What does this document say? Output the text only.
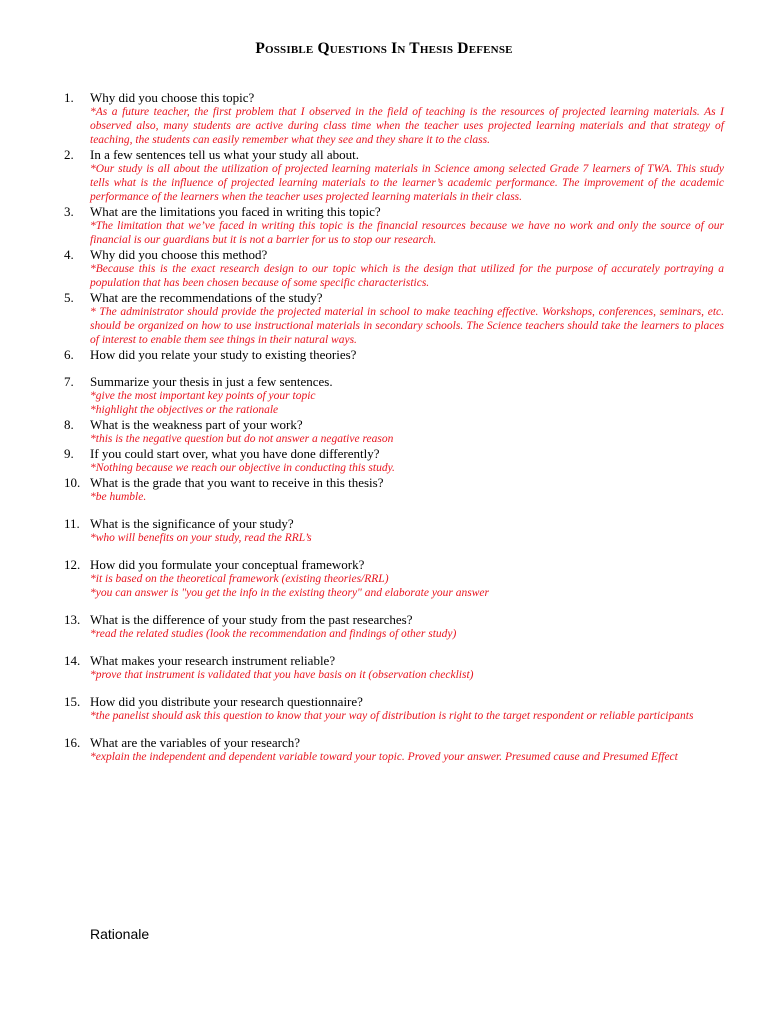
Possible Questions In Thesis Defense
1.	Why did you choose this topic?

*As a future teacher, the first problem that I observed in the field of teaching is the resources of projected learning materials. As I observed also, many students are active during class time when the teacher uses projected learning materials and that strategy of teaching, the students can easily remember what they see and they share it to the class.

2.	In a few sentences tell us what your study all about.

*Our study is all about the utilization of projected learning materials in Science among selected Grade 7 learners of TWA. This study tells what is the influence of projected learning materials to the learner’s academic performance. The improvement of the academic performance of the learners when the teacher uses projected learning materials in their class.

3.	What are the limitations you faced in writing this topic?

*The limitation that we’ve faced in writing this topic is the financial resources because we have no work and only the source of our financial is our guardians but it is not a barrier for us to stop our research.

4.	Why did you choose this method?

*Because this is the exact research design to our topic which is the design that utilized for the purpose of accurately portraying a population that has been chosen because of some specific characteristics.

5.	What are the recommendations of the study?

* The administrator should provide the projected material in school to make teaching effective. Workshops, conferences, seminars, etc. should be organized on how to use instructional materials in secondary schools. The Science teachers should take the learners to places of interest to enable them see things in their natural ways.

6.	How did you relate your study to existing theories?

7.	Summarize your thesis in just a few sentences.

*give the most important key points of your topic

*highlight the objectives or the rationale

8.	What is the weakness part of your work?

*this is the negative question but do not answer a negative reason

9.	If you could start over, what you have done differently?

*Nothing because we reach our objective in conducting this study.

10. What is the grade that you want to receive in this thesis?

*be humble.

11. What is the significance of your study?

*who will benefits on your study, read the RRL’s

12. How did you formulate your conceptual framework?

*it is based on the theoretical framework (existing theories/RRL)

*you can answer is "you get the info in the existing theory" and elaborate your answer

13. What is the difference of your study from the past researches?

*read the related studies (look the recommendation and findings of other study)

14. What makes your research instrument reliable?

*prove that instrument is validated that you have basis on it (observation checklist)

15. How did you distribute your research questionnaire?

*the panelist should ask this question to know that your way of distribution is right to the target respondent or reliable participants

16. What are the variables of your research?

*explain the independent and dependent variable toward your topic. Proved your answer. Presumed cause and Presumed Effect

Rationale
